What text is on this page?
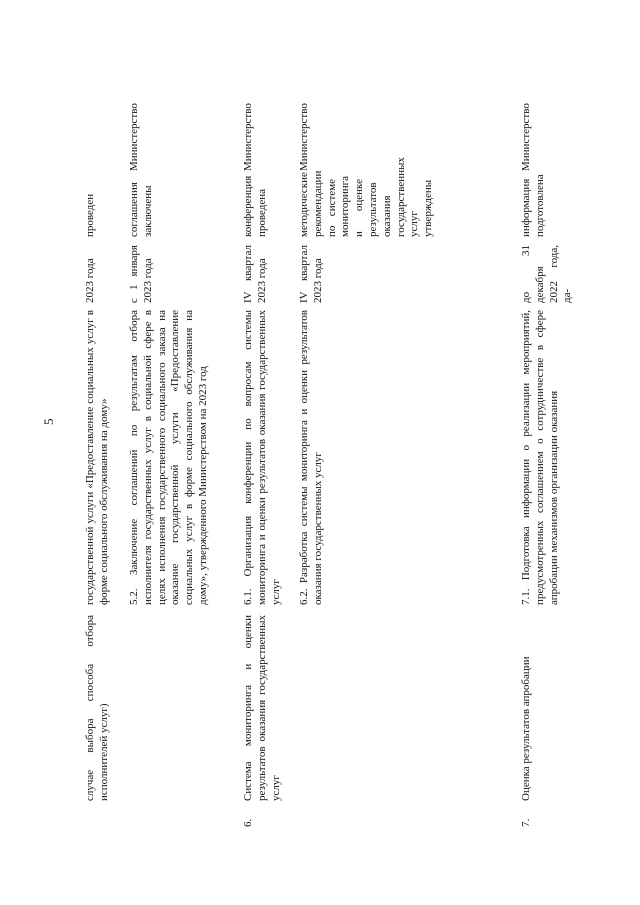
5
случае выбора способа отбора исполнителей услуг)
государственной услуги «Предоставление социальных услуг в форме социального обслуживания на дому»
2023 года
проведен
5.2. Заключение соглашений по результатам отбора исполнителя государственных услуг в социальной сфере в целях исполнения государственного социального заказа на оказание государственной услуги «Предоставление социальных услуг в форме социального обслуживания на дому», утвержденного Министерством на 2023 год
с 1 января 2023 года
соглашения заключены
Министерство
6.
Система мониторинга и оценки результатов оказания государственных услуг
6.1. Организация конференции по вопросам системы мониторинга и оценки результатов оказания государственных услуг
IV квартал 2023 года
конференция проведена
Министерство
6.2. Разработка системы мониторинга и оценки результатов оказания государственных услуг
IV квартал 2023 года
методические рекомендации по системе мониторинга и оценке результатов оказания государственных услуг утверждены
Министерство
7.
Оценка результатов апробации
7.1. Подготовка информации о реализации мероприятий, предусмотренных соглашением о сотрудничестве в сфере апробации механизмов организации оказания
до 31 декабря 2022 года, да-
информация подготовлена
Министерство
